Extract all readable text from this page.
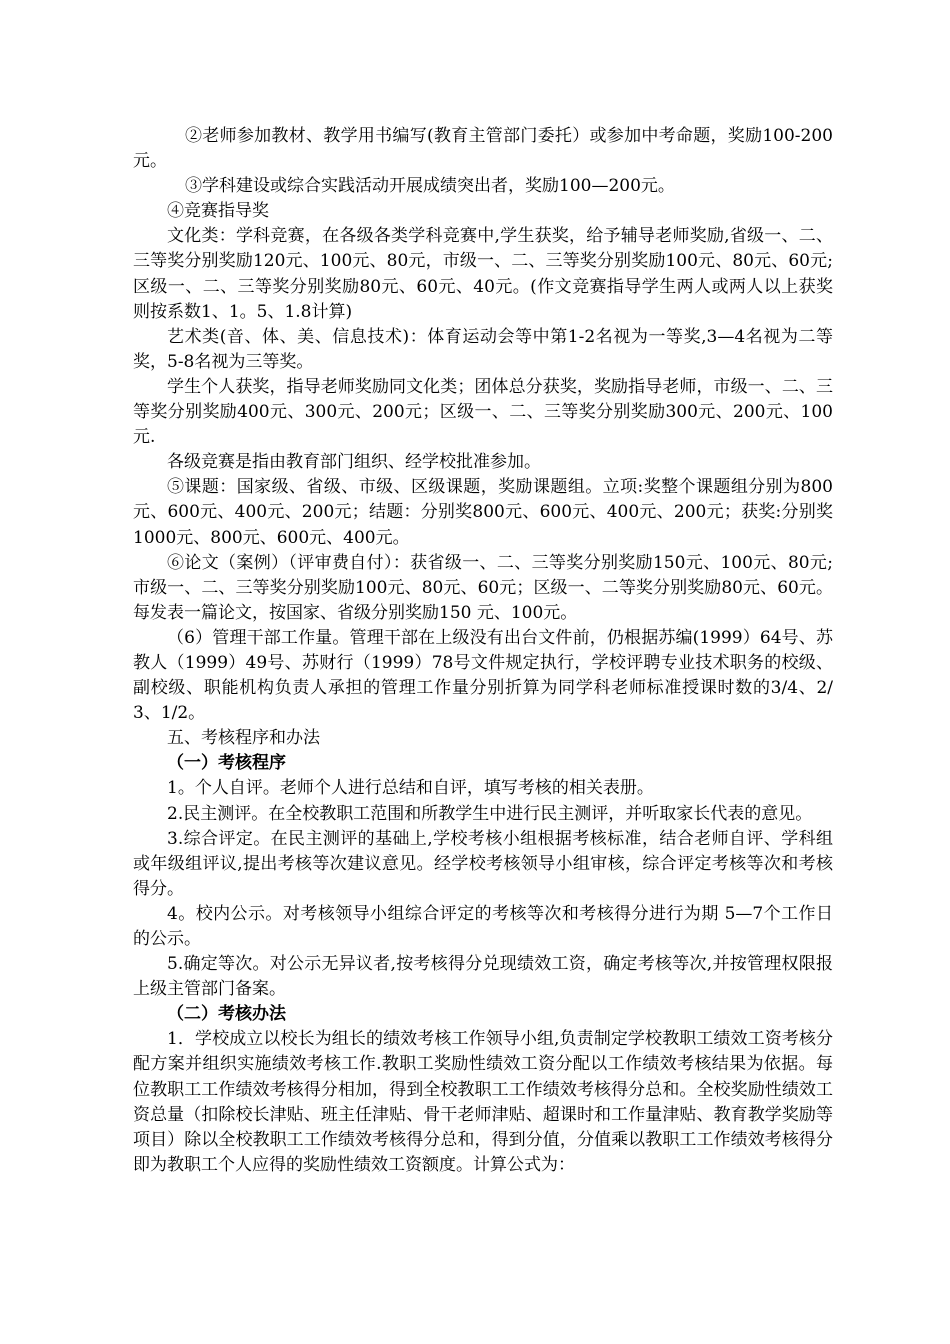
②老师参加教材、教学用书编写(教育主管部门委托）或参加中考命题，奖励100-200元。

③学科建设或综合实践活动开展成绩突出者，奖励100—200元。

④竞赛指导奖

文化类：学科竞赛，在各级各类学科竞赛中,学生获奖，给予辅导老师奖励,省级一、二、三等奖分别奖励120元、100元、80元，市级一、二、三等奖分别奖励100元、80元、60元;区级一、二、三等奖分别奖励80元、60元、40元。(作文竞赛指导学生两人或两人以上获奖则按系数1、1。5、1.8计算)

艺术类(音、体、美、信息技术)：体育运动会等中第1-2名视为一等奖,3—4名视为二等奖，5-8名视为三等奖。

学生个人获奖，指导老师奖励同文化类；团体总分获奖，奖励指导老师，市级一、二、三等奖分别奖励400元、300元、200元；区级一、二、三等奖分别奖励300元、200元、100元.

各级竞赛是指由教育部门组织、经学校批准参加。

⑤课题：国家级、省级、市级、区级课题，奖励课题组。立项:奖整个课题组分别为800元、600元、400元、200元；结题：分别奖800元、600元、400元、200元；获奖:分别奖1000元、800元、600元、400元。

⑥论文（案例）（评审费自付）：获省级一、二、三等奖分别奖励150元、100元、80元;市级一、二、三等奖分别奖励100元、80元、60元；区级一、二等奖分别奖励80元、60元。每发表一篇论文，按国家、省级分别奖励150 元、100元。

（6）管理干部工作量。管理干部在上级没有出台文件前，仍根据苏编(1999）64号、苏教人（1999）49号、苏财行（1999）78号文件规定执行，学校评聘专业技术职务的校级、副校级、职能机构负责人承担的管理工作量分别折算为同学科老师标准授课时数的3/4、2/3、1/2。

五、考核程序和办法

（一）考核程序

1。个人自评。老师个人进行总结和自评，填写考核的相关表册。

2.民主测评。在全校教职工范围和所教学生中进行民主测评，并听取家长代表的意见。

3.综合评定。在民主测评的基础上,学校考核小组根据考核标准，结合老师自评、学科组或年级组评议,提出考核等次建议意见。经学校考核领导小组审核，综合评定考核等次和考核得分。

4。校内公示。对考核领导小组综合评定的考核等次和考核得分进行为期 5—7个工作日的公示。

5.确定等次。对公示无异议者,按考核得分兑现绩效工资，确定考核等次,并按管理权限报上级主管部门备案。

（二）考核办法

1．学校成立以校长为组长的绩效考核工作领导小组,负责制定学校教职工绩效工资考核分配方案并组织实施绩效考核工作.教职工奖励性绩效工资分配以工作绩效考核结果为依据。每位教职工工作绩效考核得分相加，得到全校教职工工作绩效考核得分总和。全校奖励性绩效工资总量（扣除校长津贴、班主任津贴、骨干老师津贴、超课时和工作量津贴、教育教学奖励等项目）除以全校教职工工作绩效考核得分总和，得到分值，分值乘以教职工工作绩效考核得分即为教职工个人应得的奖励性绩效工资额度。计算公式为：
